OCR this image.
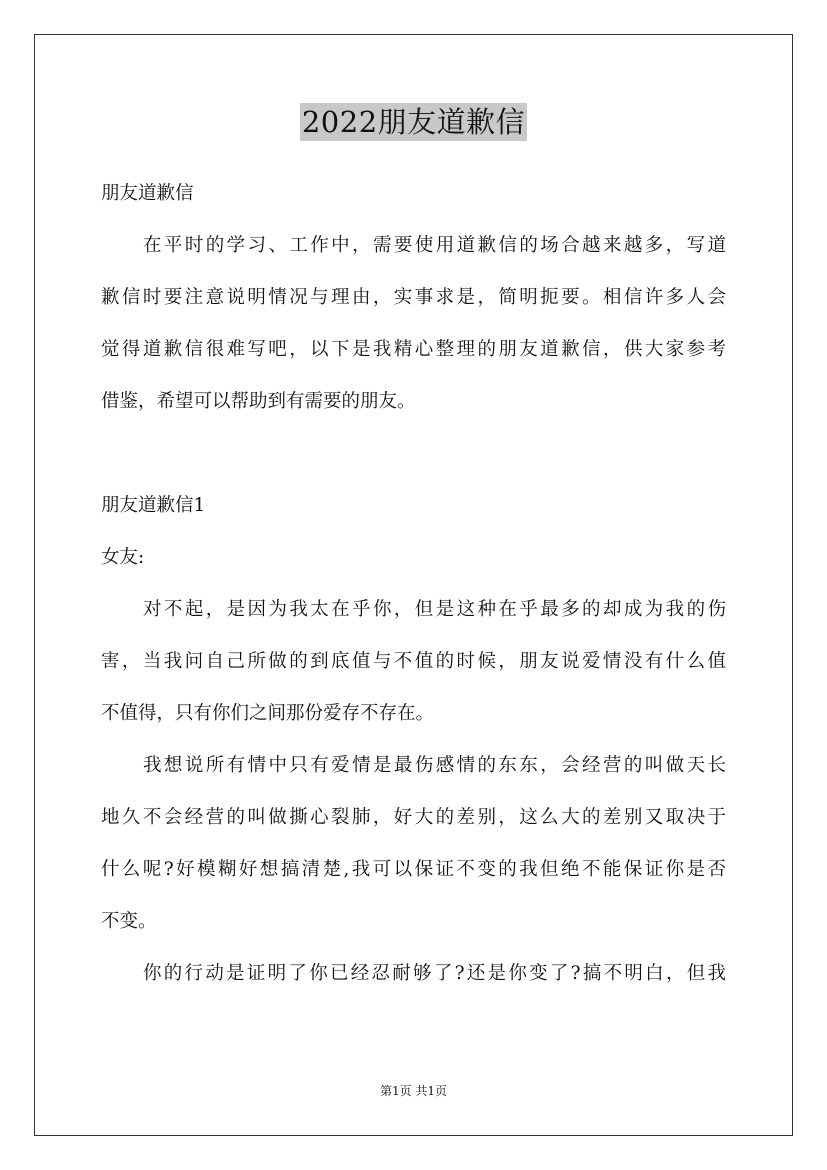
2022朋友道歉信
朋友道歉信
在平时的学习、工作中，需要使用道歉信的场合越来越多，写道
歉信时要注意说明情况与理由，实事求是，简明扼要。相信许多人会
觉得道歉信很难写吧，以下是我精心整理的朋友道歉信，供大家参考
借鉴，希望可以帮助到有需要的朋友。
朋友道歉信1
女友:
对不起，是因为我太在乎你，但是这种在乎最多的却成为我的伤
害，当我问自己所做的到底值与不值的时候，朋友说爱情没有什么值
不值得，只有你们之间那份爱存不存在。
我想说所有情中只有爱情是最伤感情的东东，会经营的叫做天长
地久不会经营的叫做撕心裂肺，好大的差别，这么大的差别又取决于
什么呢?好模糊好想搞清楚,我可以保证不变的我但绝不能保证你是否
不变。
你的行动是证明了你已经忍耐够了?还是你变了?搞不明白，但我
第1页 共1页
